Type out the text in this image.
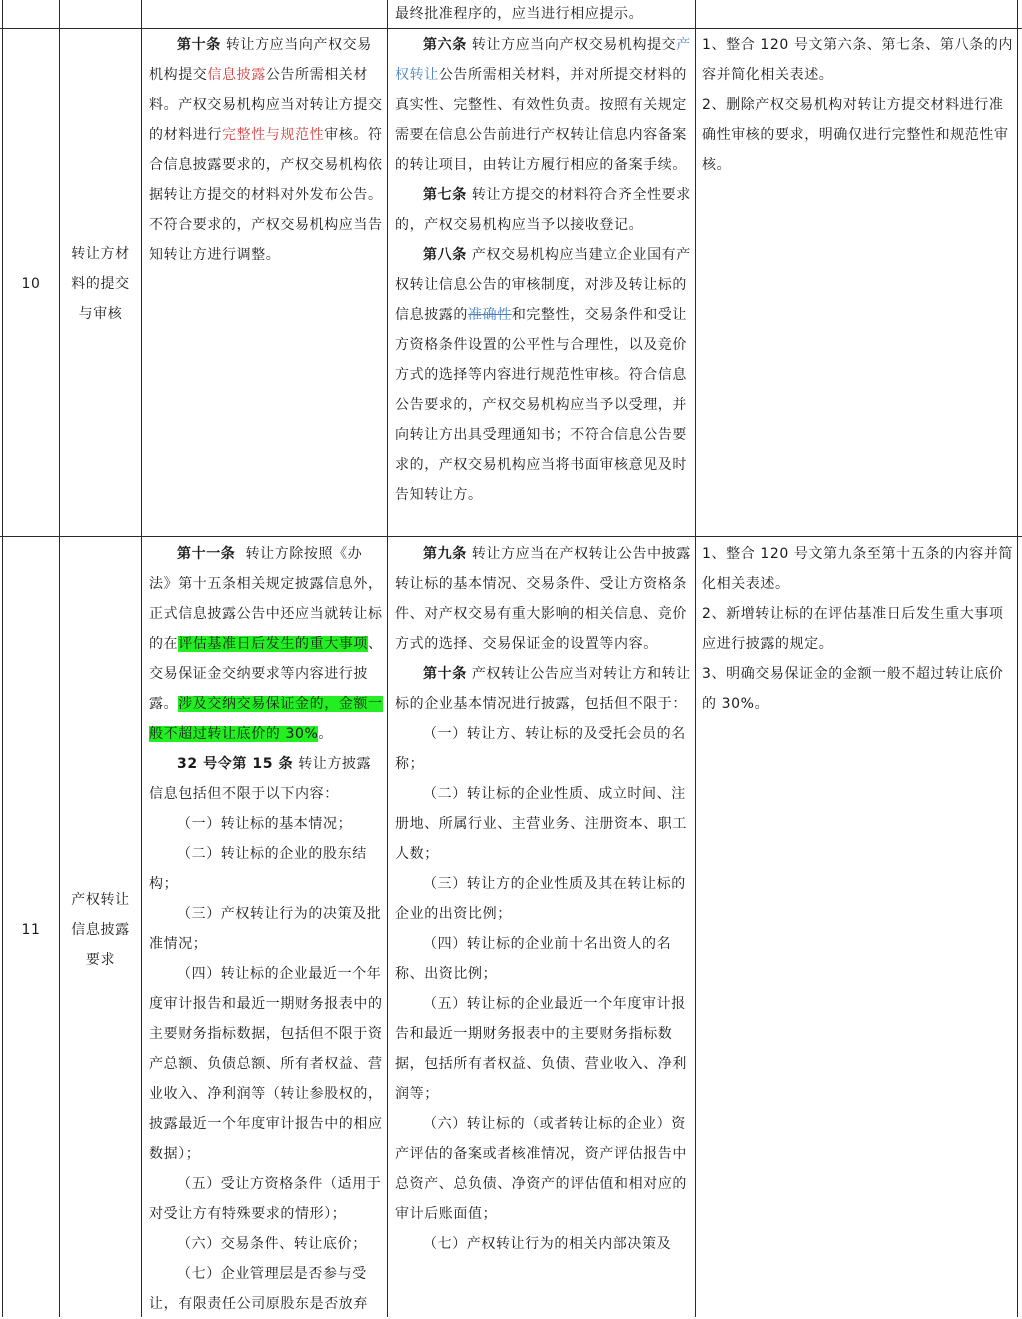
最终批准程序的，应当进行相应提示。

10

转让方材

料的提交

与审核

第十条 转让方应当向产权交易机构提交信息披露公告所需相关材料。产权交易机构应当对转让方提交的材料进行完整性与规范性审核。符合信息披露要求的，产权交易机构依据转让方提交的材料对外发布公告。不符合要求的，产权交易机构应当告知转让方进行调整。

第六条 转让方应当向产权交易机构提交产权转让公告所需相关材料，并对所提交材料的真实性、完整性、有效性负责。按照有关规定需要在信息公告前进行产权转让信息内容备案的转让项目，由转让方履行相应的备案手续。

第七条 转让方提交的材料符合齐全性要求的，产权交易机构应当予以接收登记。

第八条 产权交易机构应当建立企业国有产权转让信息公告的审核制度，对涉及转让标的信息披露的准确性和完整性，交易条件和受让方资格条件设置的公平性与合理性，以及竞价方式的选择等内容进行规范性审核。符合信息公告要求的，产权交易机构应当予以受理，并向转让方出具受理通知书；不符合信息公告要求的，产权交易机构应当将书面审核意见及时告知转让方。

1、整合 120 号文第六条、第七条、第八条的内容并简化相关表述。

2、删除产权交易机构对转让方提交材料进行准确性审核的要求，明确仅进行完整性和规范性审核。

11

产权转让

信息披露

要求

第十一条 转让方除按照《办法》第十五条相关规定披露信息外，正式信息披露公告中还应当就转让标的在评估基准日后发生的重大事项、交易保证金交纳要求等内容进行披露。涉及交纳交易保证金的，金额一般不超过转让底价的 30%。

32 号令第 15 条 转让方披露信息包括但不限于以下内容：

（一）转让标的基本情况；

（二）转让标的企业的股东结构；

（三）产权转让行为的决策及批准情况；

（四）转让标的企业最近一个年度审计报告和最近一期财务报表中的主要财务指标数据，包括但不限于资产总额、负债总额、所有者权益、营业收入、净利润等（转让参股权的，披露最近一个年度审计报告中的相应数据）；

（五）受让方资格条件（适用于对受让方有特殊要求的情形）；

（六）交易条件、转让底价；

（七）企业管理层是否参与受让，有限责任公司原股东是否放弃

第九条 转让方应当在产权转让公告中披露转让标的基本情况、交易条件、受让方资格条件、对产权交易有重大影响的相关信息、竞价方式的选择、交易保证金的设置等内容。

第十条 产权转让公告应当对转让方和转让标的企业基本情况进行披露，包括但不限于：

（一）转让方、转让标的及受托会员的名称；

（二）转让标的企业性质、成立时间、注册地、所属行业、主营业务、注册资本、职工人数；

（三）转让方的企业性质及其在转让标的企业的出资比例；

（四）转让标的企业前十名出资人的名称、出资比例；

（五）转让标的企业最近一个年度审计报告和最近一期财务报表中的主要财务指标数据，包括所有者权益、负债、营业收入、净利润等；

（六）转让标的（或者转让标的企业）资产评估的备案或者核准情况，资产评估报告中总资产、总负债、净资产的评估值和相对应的审计后账面值；

（七）产权转让行为的相关内部决策及

1、整合 120 号文第九条至第十五条的内容并简化相关表述。

2、新增转让标的在评估基准日后发生重大事项应进行披露的规定。

3、明确交易保证金的金额一般不超过转让底价的 30%。
